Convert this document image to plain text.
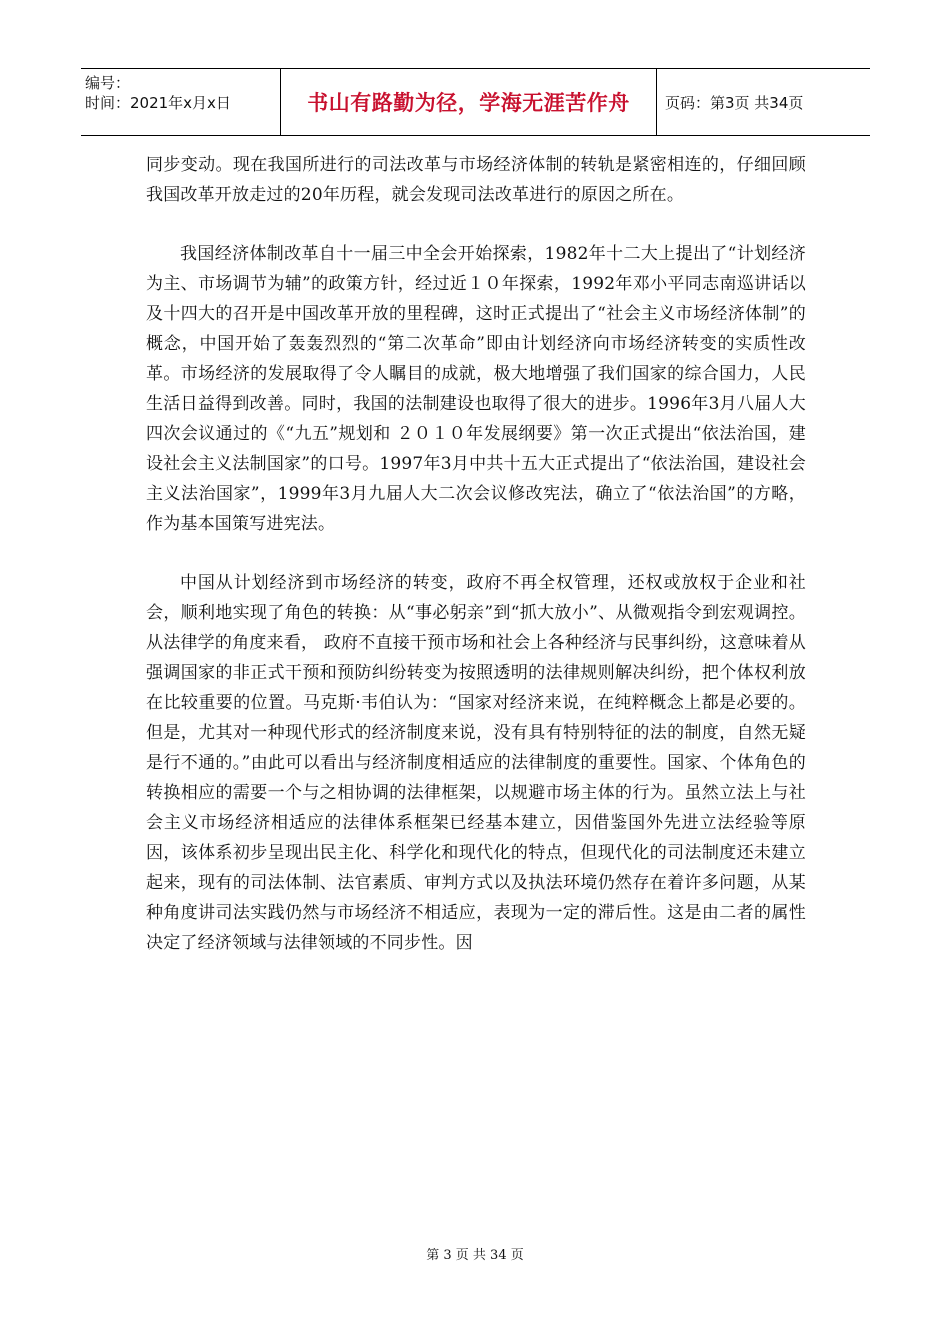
编号：
时间：2021年x月x日	书山有路勤为径，学海无涯苦作舟 页码：第3页 共34页

同步变动。现在我国所进行的司法改革与市场经济体制的转轨是紧密相连的，仔细回顾我国改革开放走过的20年历程，就会发现司法改革进行的原因之所在。

我国经济体制改革自十一届三中全会开始探索，1982年十二大上提出了“计划经济为主、市场调节为辅”的政策方针，经过近１０年探索，1992年邓小平同志南巡讲话以及十四大的召开是中国改革开放的里程碑，这时正式提出了“社会主义市场经济体制”的概念，中国开始了轰轰烈烈的“第二次革命”即由计划经济向市场经济转变的实质性改革。市场经济的发展取得了令人瞩目的成就，极大地增强了我们国家的综合国力，人民生活日益得到改善。同时，我国的法制建设也取得了很大的进步。1996年3月八届人大四次会议通过的《“九五”规划和 ２０１０年发展纲要》第一次正式提出“依法治国，建设社会主义法制国家”的口号。1997年3月中共十五大正式提出了“依法治国，建设社会主义法治国家”，1999年3月九届人大二次会议修改宪法，确立了“依法治国”的方略，作为基本国策写进宪法。

中国从计划经济到市场经济的转变，政府不再全权管理，还权或放权于企业和社会，顺利地实现了角色的转换：从“事必躬亲”到“抓大放小”、从微观指令到宏观调控。从法律学的角度来看， 政府不直接干预市场和社会上各种经济与民事纠纷，这意味着从强调国家的非正式干预和预防纠纷转变为按照透明的法律规则解决纠纷，把个体权利放在比较重要的位置。马克斯·韦伯认为：“国家对经济来说，在纯粹概念上都是必要的。但是，尤其对一种现代形式的经济制度来说，没有具有特别特征的法的制度，自然无疑是行不通的。”由此可以看出与经济制度相适应的法律制度的重要性。国家、个体角色的转换相应的需要一个与之相协调的法律框架，以规避市场主体的行为。虽然立法上与社会主义市场经济相适应的法律体系框架已经基本建立，因借鉴国外先进立法经验等原因，该体系初步呈现出民主化、科学化和现代化的特点，但现代化的司法制度还未建立起来，现有的司法体制、法官素质、审判方式以及执法环境仍然存在着许多问题，从某种角度讲司法实践仍然与市场经济不相适应，表现为一定的滞后性。这是由二者的属性决定了经济领域与法律领域的不同步性。因

第 3 页 共 34 页
